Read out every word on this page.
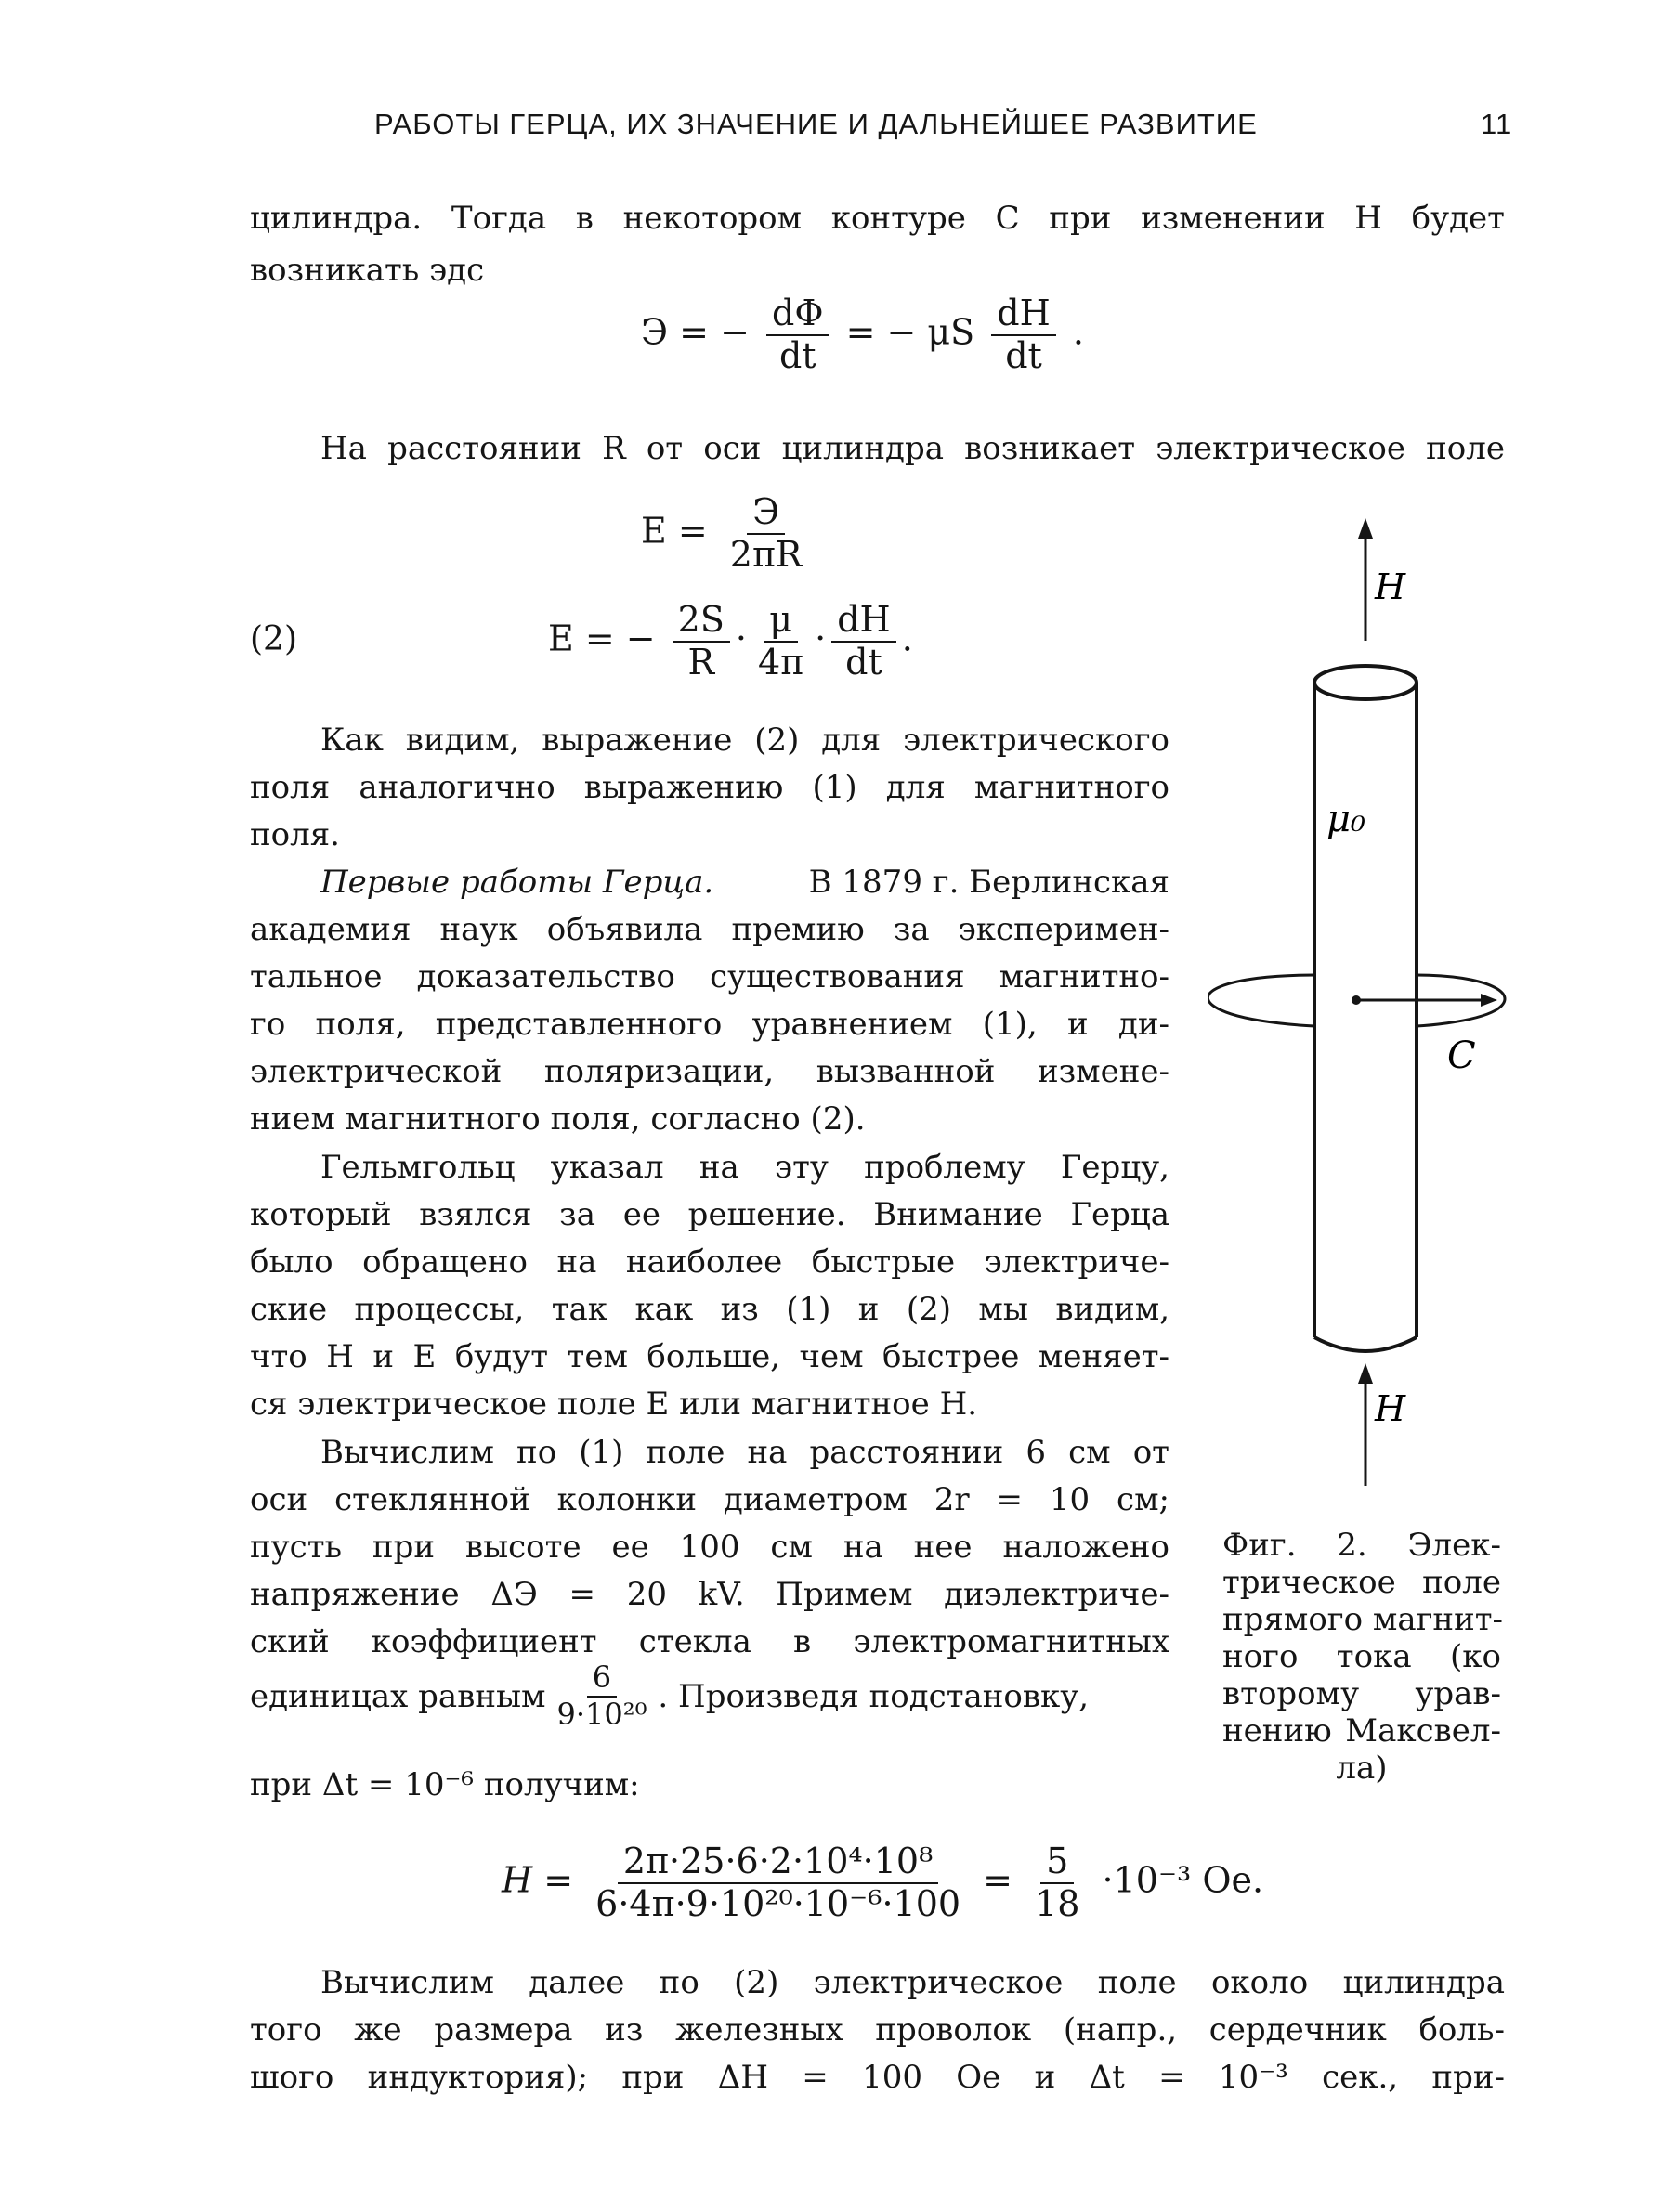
РАБОТЫ ГЕРЦА, ИХ ЗНАЧЕНИЕ И ДАЛЬНЕЙШЕЕ РАЗВИТИЕ	11
цилиндра. Тогда в некотором контуре C при изменении H будет
возникать эдс
Э = − $\frac{d\Phi}{dt}$ = − μS $\frac{dH}{dt}$ .
На расстоянии R от оси цилиндра возникает электрическое поле
$E = \frac{Э}{2\pi R}$
(2)	E = − $\frac{2S}{R} \cdot \frac{\mu}{4\pi} \cdot \frac{dH}{dt}$ .
Как видим, выражение (2) для электрического
поля аналогично выражению (1) для магнитного
поля.
Первые работы Герца.	В 1879 г. Берлинская
академия наук объявила премию за эксперимен-
тальное доказательство существования магнитно-
го поля, представленного уравнением (1), и ди-
электрической поляризации, вызванной измене-
нием магнитного поля, согласно (2).
Гельмгольц указал на эту проблему Герцу,
который взялся за ее решение. Внимание Герца
было обращено на наиболее быстрые электриче-
ские процессы, так как из (1) и (2) мы видим,
что H и E будут тем больше, чем быстрее меняет-
ся электрическое поле E или магнитное H.
Вычислим по (1) поле на расстоянии 6 см от
оси стеклянной колонки диаметром 2r = 10 см;
пусть при высоте ее 100 см на нее наложено
напряжение ΔЭ = 20 kV. Примем диэлектриче-
ский коэффициент стекла в электромагнитных
единицах равным $\frac{6}{\text{9·10²⁰}}$ . Произведя подстановку,
при Δt = 10⁻⁶ получим:
$H = \frac{\text{2π·25·6·2·10⁴·10⁸}}{\text{6·4π·9·10²⁰·10⁻⁶·100}} = \frac{5}{18} \cdot 10^{-3}$ Oe.
Вычислим далее по (2) электрическое поле около цилиндра
того же размера из железных проволок (напр., сердечник боль-
шого индуктория); при ΔH = 100 Oe и Δt = 10⁻³ сек., при-
H
μ₀
C
H
Фиг. 2. Элек-
трическое поле
прямого магнит-
ного тока (ко
второму урав-
нению Максвел-
ла)
